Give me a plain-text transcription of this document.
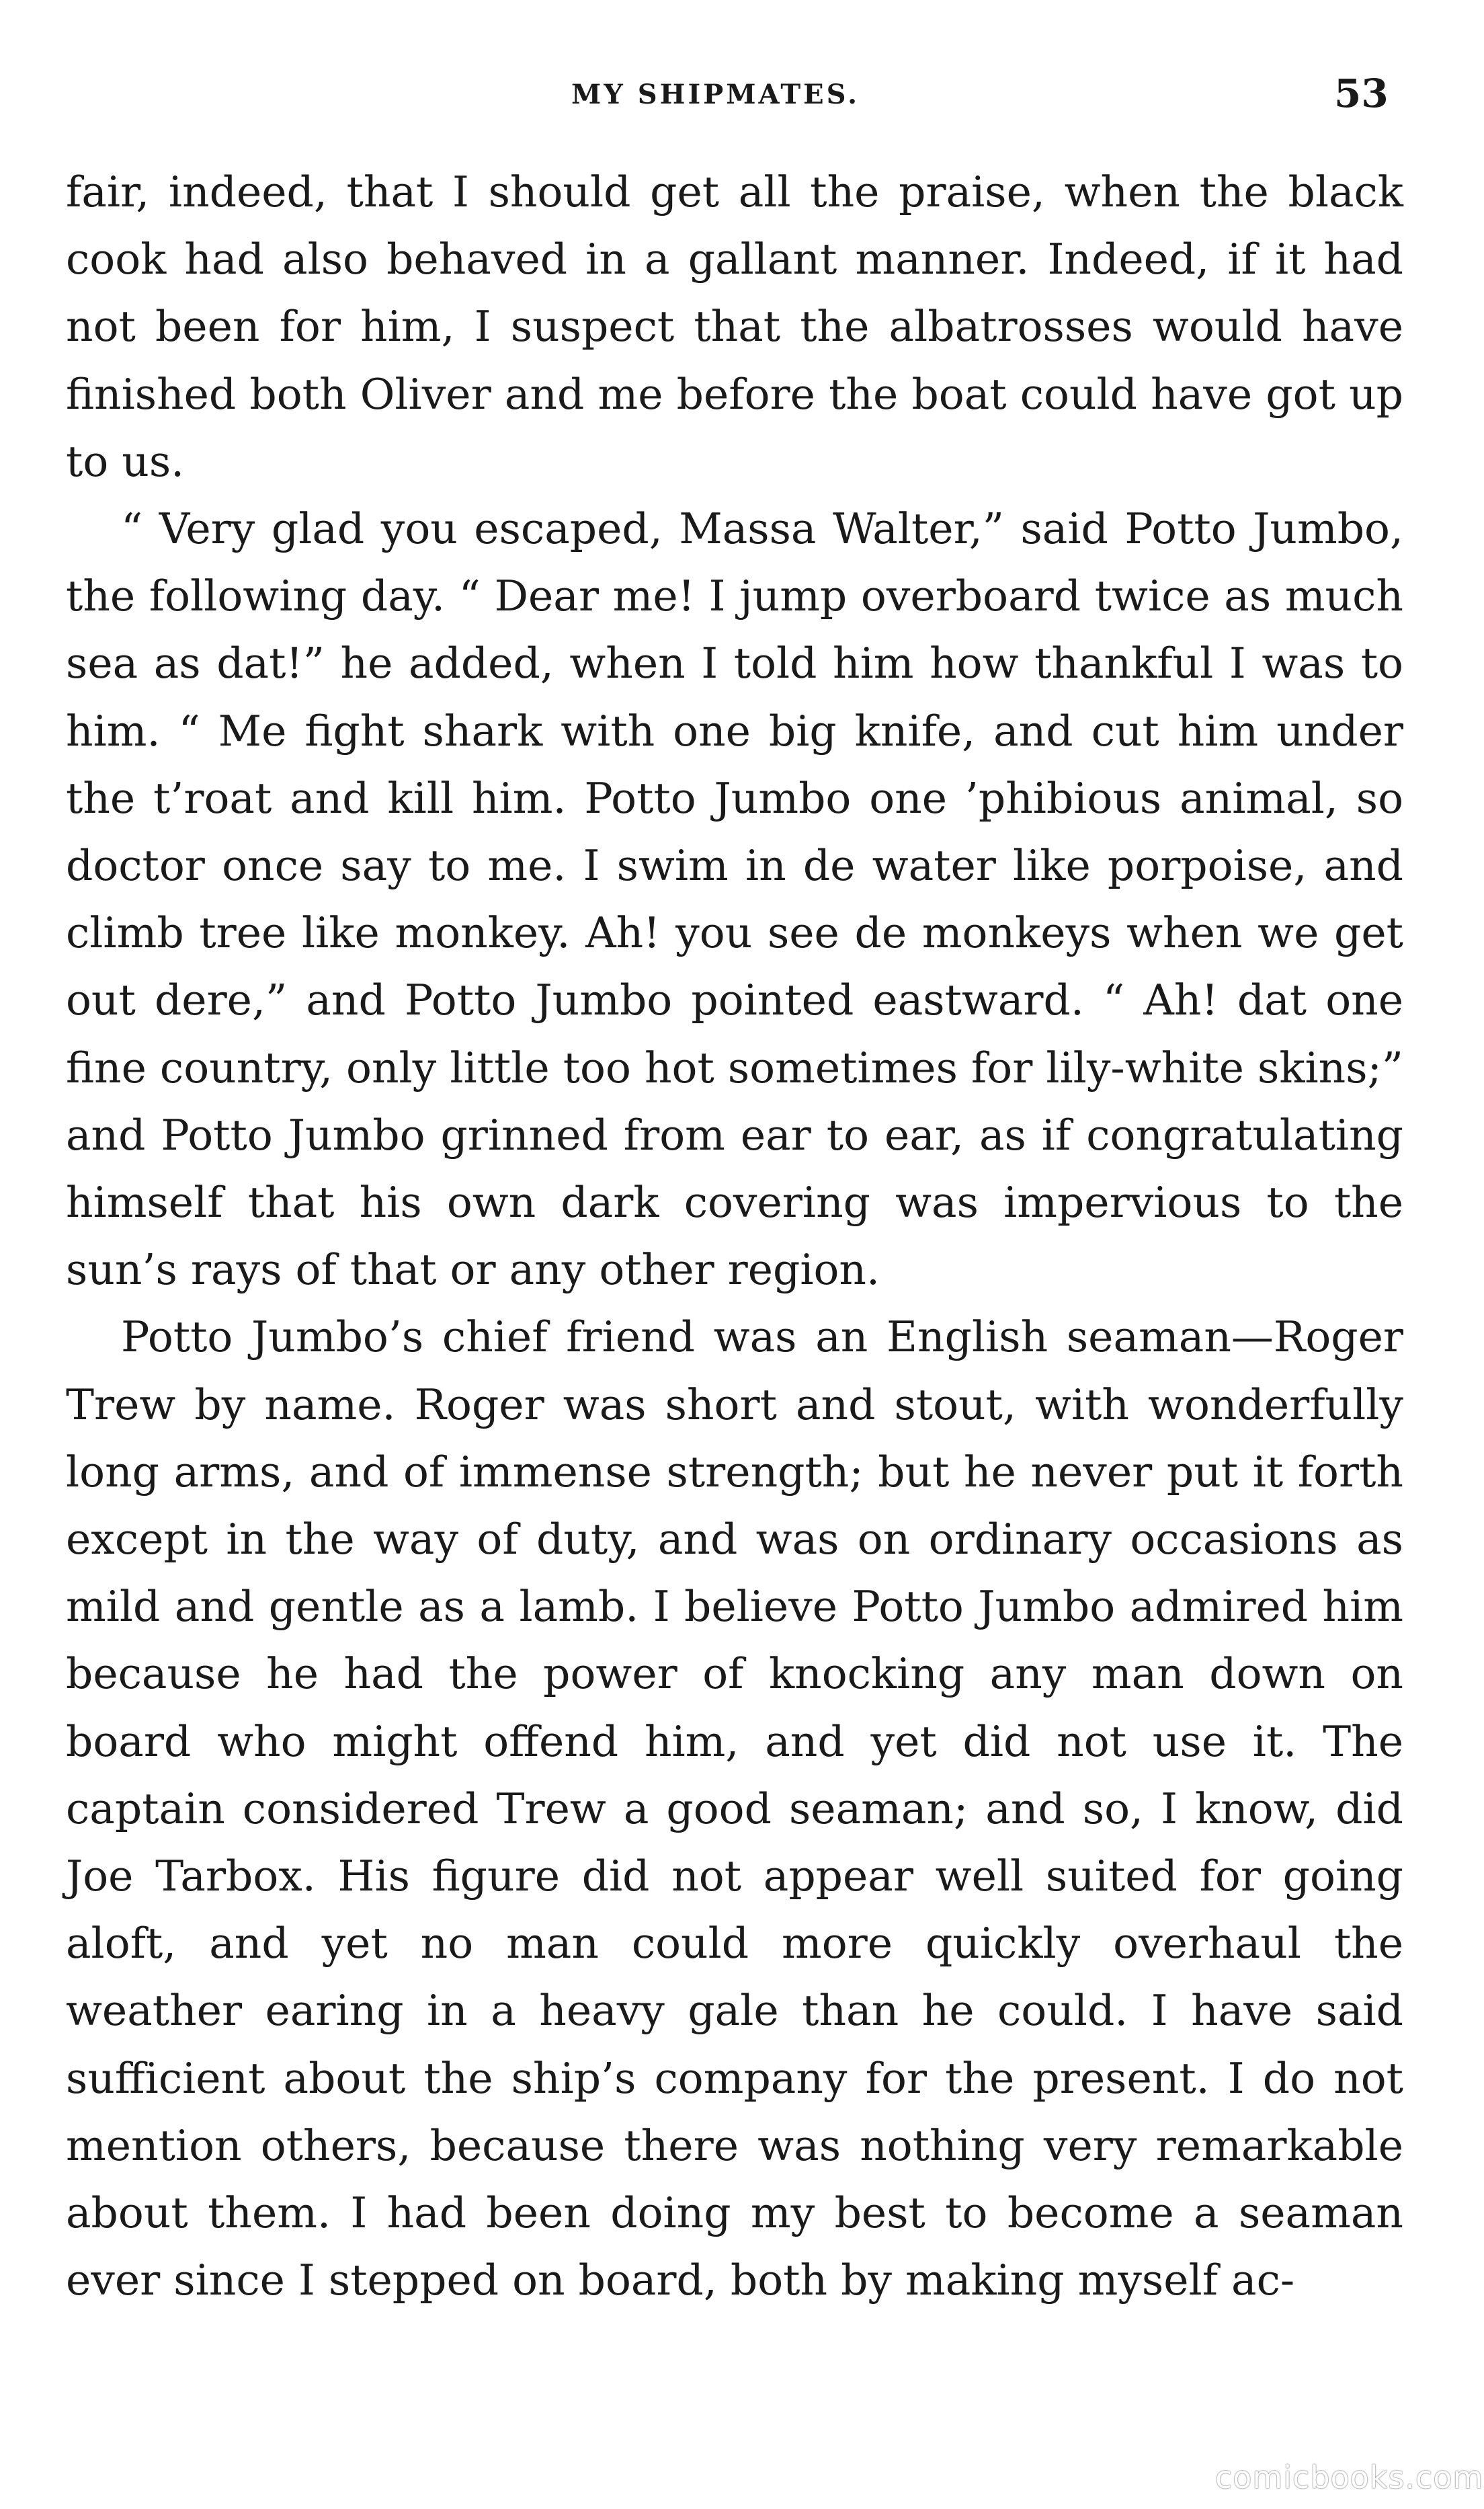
MY SHIPMATES.	53

fair, indeed, that I should get all the praise, when the black cook had also behaved in a gallant manner. Indeed, if it had not been for him, I suspect that the albatrosses would have finished both Oliver and me before the boat could have got up to us.

“ Very glad you escaped, Massa Walter,” said Potto Jumbo, the following day. “ Dear me! I jump overboard twice as much sea as dat!” he added, when I told him how thankful I was to him. “ Me fight shark with one big knife, and cut him under the t’roat and kill him. Potto Jumbo one ’phibious animal, so doctor once say to me. I swim in de water like porpoise, and climb tree like monkey. Ah! you see de monkeys when we get out dere,” and Potto Jumbo pointed eastward. “ Ah! dat one fine country, only little too hot sometimes for lily-white skins;” and Potto Jumbo grinned from ear to ear, as if congratulating himself that his own dark covering was impervious to the sun’s rays of that or any other region.

Potto Jumbo’s chief friend was an English seaman—Roger Trew by name. Roger was short and stout, with wonderfully long arms, and of immense strength; but he never put it forth except in the way of duty, and was on ordinary occasions as mild and gentle as a lamb. I believe Potto Jumbo admired him because he had the power of knocking any man down on board who might offend him, and yet did not use it. The captain considered Trew a good seaman; and so, I know, did Joe Tarbox. His figure did not appear well suited for going aloft, and yet no man could more quickly overhaul the weather earing in a heavy gale than he could. I have said sufficient about the ship’s company for the present. I do not mention others, because there was nothing very remarkable about them. I had been doing my best to become a seaman ever since I stepped on board, both by making myself ac-

comicbooks.com
